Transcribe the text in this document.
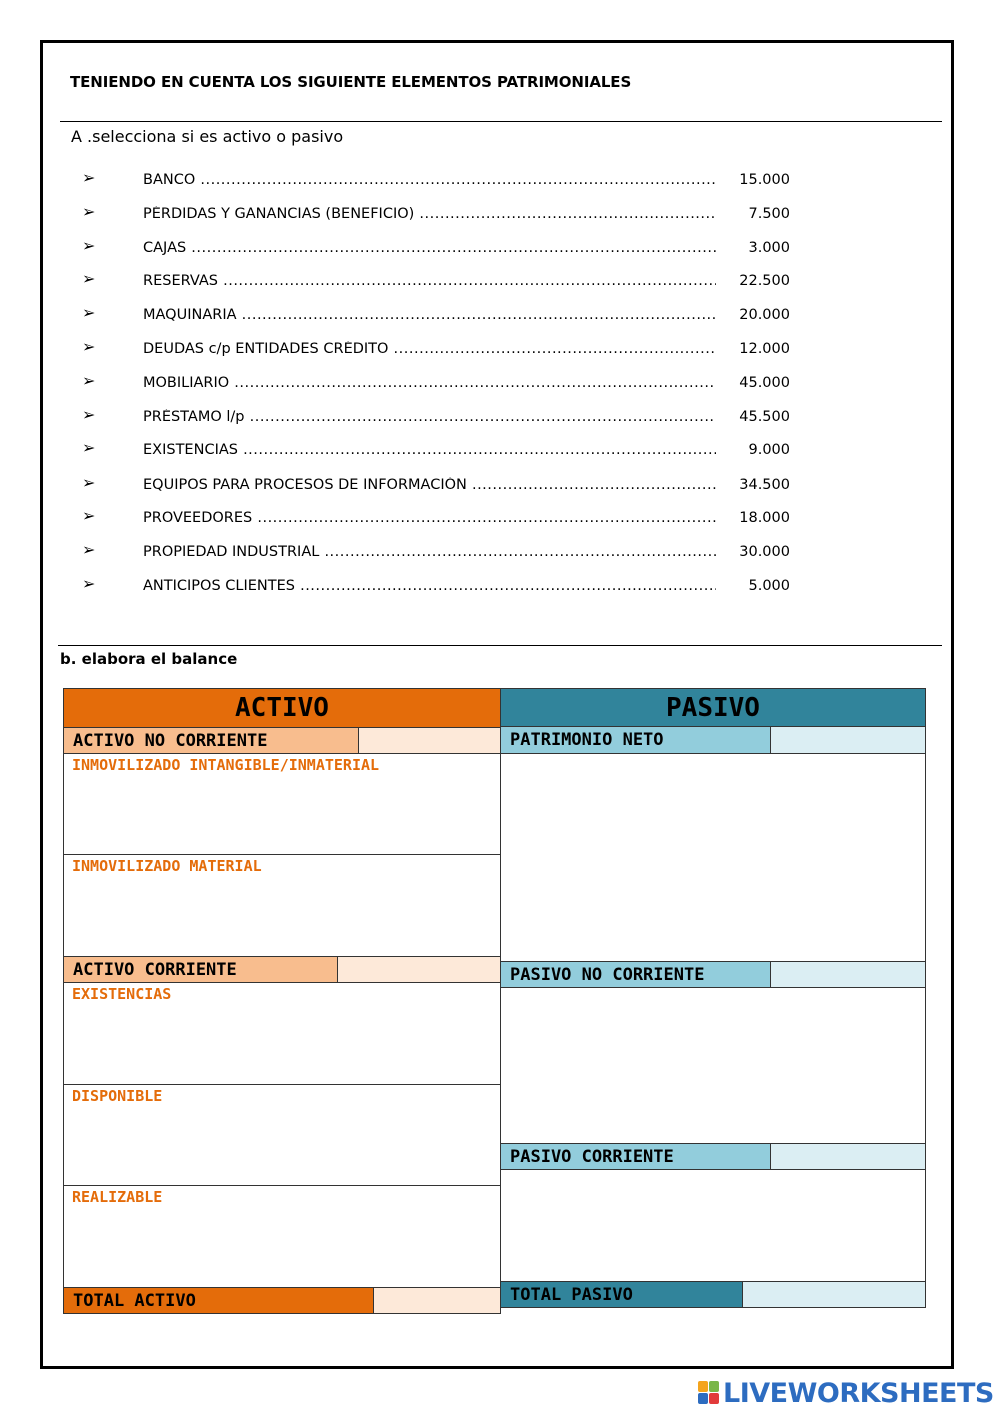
TENIENDO EN CUENTA LOS SIGUIENTE ELEMENTOS PATRIMONIALES
A .selecciona si es activo o pasivo
➢	BANCO .....	15.000
➢	PÉRDIDAS Y GANANCIAS (BENEFICIO) .....	7.500
➢	CAJAS .....	3.000
➢	RESERVAS .....	22.500
➢	MAQUINARIA .....	20.000
➢	DEUDAS c/p ENTIDADES CRÉDITO .....	12.000
➢	MOBILIARIO .....	45.000
➢	PRÉSTAMO l/p .....	45.500
➢	EXISTENCIAS .....	9.000
➢	EQUIPOS PARA PROCESOS DE INFORMACIÓN .....	34.500
➢	PROVEEDORES .....	18.000
➢	PROPIEDAD INDUSTRIAL .....	30.000
➢	ANTICIPOS CLIENTES .....	5.000
b. elabora el balance
ACTIVO
ACTIVO NO CORRIENTE
INMOVILIZADO INTANGIBLE/INMATERIAL
INMOVILIZADO MATERIAL
ACTIVO CORRIENTE
EXISTENCIAS
DISPONIBLE
REALIZABLE
TOTAL ACTIVO
PASIVO
PATRIMONIO NETO
PASIVO NO CORRIENTE
PASIVO CORRIENTE
TOTAL PASIVO
LIVEWORKSHEETS
